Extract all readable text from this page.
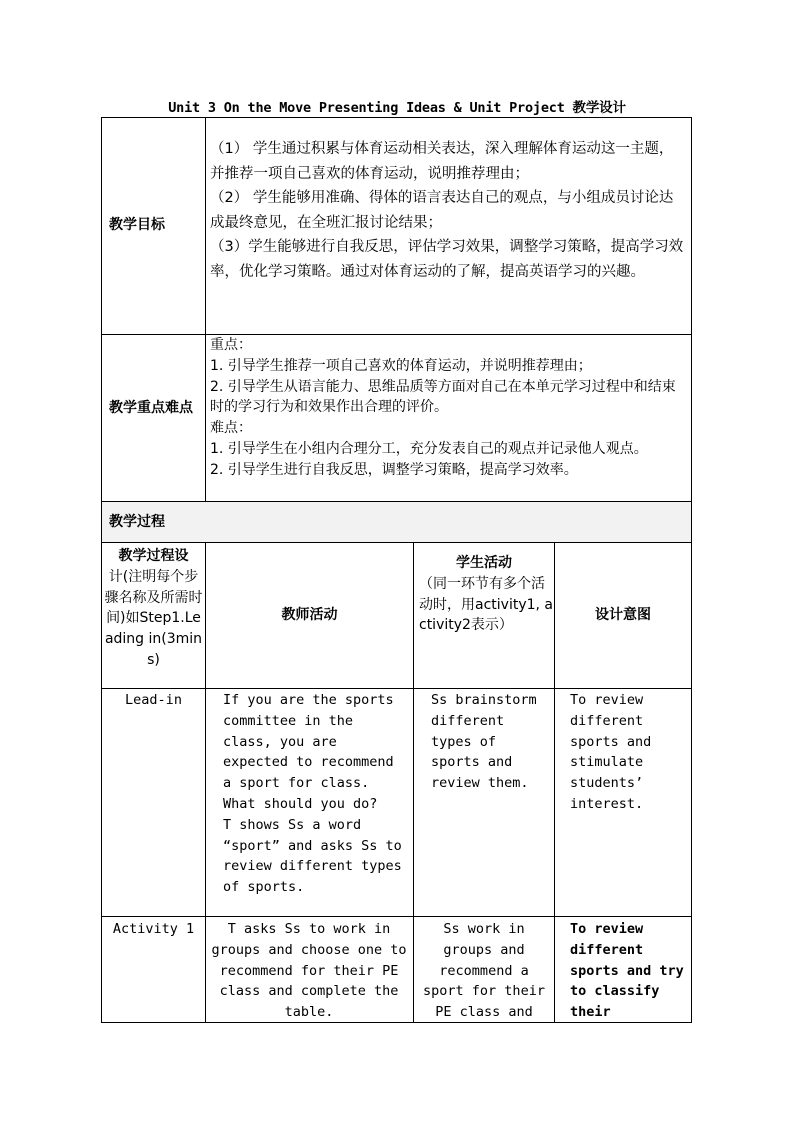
Unit 3 On the Move Presenting Ideas & Unit Project 教学设计
教学目标

（1） 学生通过积累与体育运动相关表达，深入理解体育运动这一主题，并推荐一项自己喜欢的体育运动，说明推荐理由；

（2） 学生能够用准确、得体的语言表达自己的观点，与小组成员讨论达成最终意见，在全班汇报讨论结果；

（3）学生能够进行自我反思，评估学习效果，调整学习策略，提高学习效率，优化学习策略。通过对体育运动的了解，提高英语学习的兴趣。

教学重点难点

重点：

1. 引导学生推荐一项自己喜欢的体育运动，并说明推荐理由；

2. 引导学生从语言能力、思维品质等方面对自己在本单元学习过程中和结束时的学习行为和效果作出合理的评价。

难点：

1. 引导学生在小组内合理分工，充分发表自己的观点并记录他人观点。

2. 引导学生进行自我反思，调整学习策略，提高学习效率。

教学过程
教学过程设
计(注明每个步骤名称及所需时间)如Step1.Leading in(3mins)
教师活动
学生活动
（同一环节有多个活动时，用activity1, activity2表示）
设计意图
Lead-in	If you are the sports committee in the class, you are expected to recommend a sport for class. What should you do?
T shows Ss a word “sport” and asks Ss to review different types of sports.
Ss brainstorm different types of sports and review them.
To review different sports and stimulate students’ interest.
Activity 1	T asks Ss to work in groups and choose one to recommend for their PE class and complete the table.
Ss work in groups and recommend a sport for their PE class and
To review different sports and try to classify their
